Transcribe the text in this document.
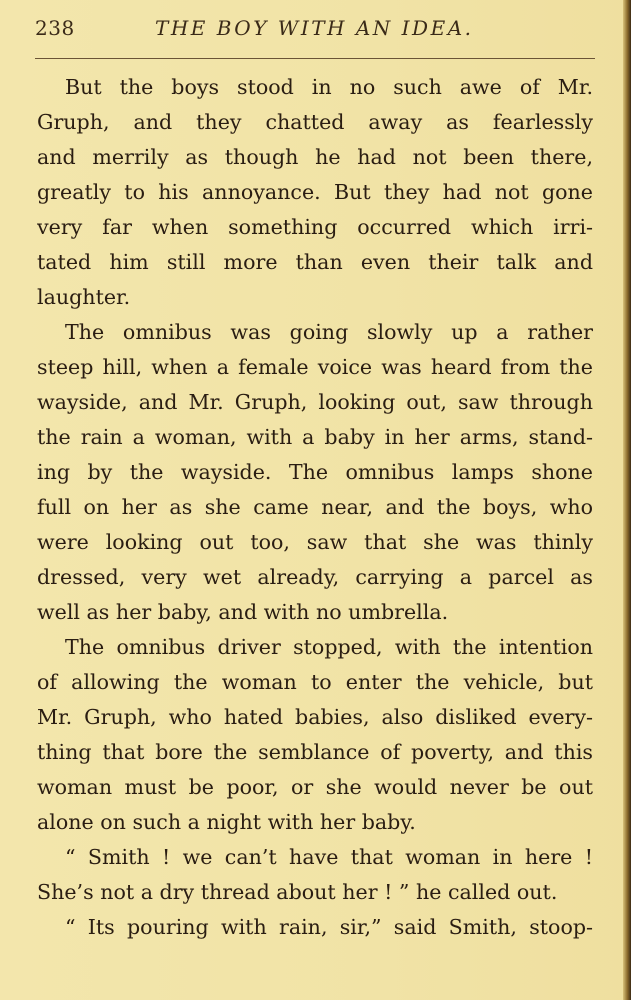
238	THE BOY WITH AN IDEA.
But the boys stood in no such awe of Mr.
Gruph, and they chatted away as fearlessly
and merrily as though he had not been there,
greatly to his annoyance. But they had not gone
very far when something occurred which irri-
tated him still more than even their talk and
laughter.
The omnibus was going slowly up a rather
steep hill, when a female voice was heard from the
wayside, and Mr. Gruph, looking out, saw through
the rain a woman, with a baby in her arms, stand-
ing by the wayside. The omnibus lamps shone
full on her as she came near, and the boys, who
were looking out too, saw that she was thinly
dressed, very wet already, carrying a parcel as
well as her baby, and with no umbrella.
The omnibus driver stopped, with the intention
of allowing the woman to enter the vehicle, but
Mr. Gruph, who hated babies, also disliked every-
thing that bore the semblance of poverty, and this
woman must be poor, or she would never be out
alone on such a night with her baby.
“ Smith ! we can’t have that woman in here !
She’s not a dry thread about her ! ” he called out.
“ Its pouring with rain, sir,” said Smith, stoop-
